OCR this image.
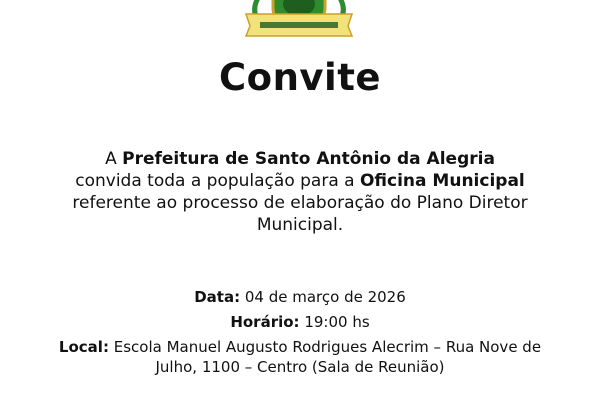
Convite

A Prefeitura de Santo Antônio da Alegria convida toda a população para a Oficina Municipal referente ao processo de elaboração do Plano Diretor Municipal.

Data: 04 de março de 2026

Horário: 19:00 hs

Local: Escola Manuel Augusto Rodrigues Alecrim – Rua Nove de Julho, 1100 – Centro (Sala de Reunião)
